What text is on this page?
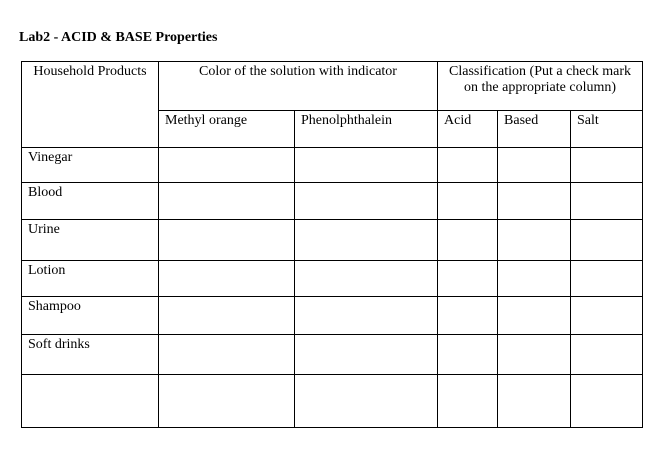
Lab2 - ACID & BASE Properties
Household Products	Color of the solution with indicator		Classification (Put a check mark on the appropriate column)		

	Methyl orange	Phenolphthalein	Acid	Based	Salt

Vinegar					

Blood					

Urine					

Lotion					

Shampoo					

Soft drinks					
